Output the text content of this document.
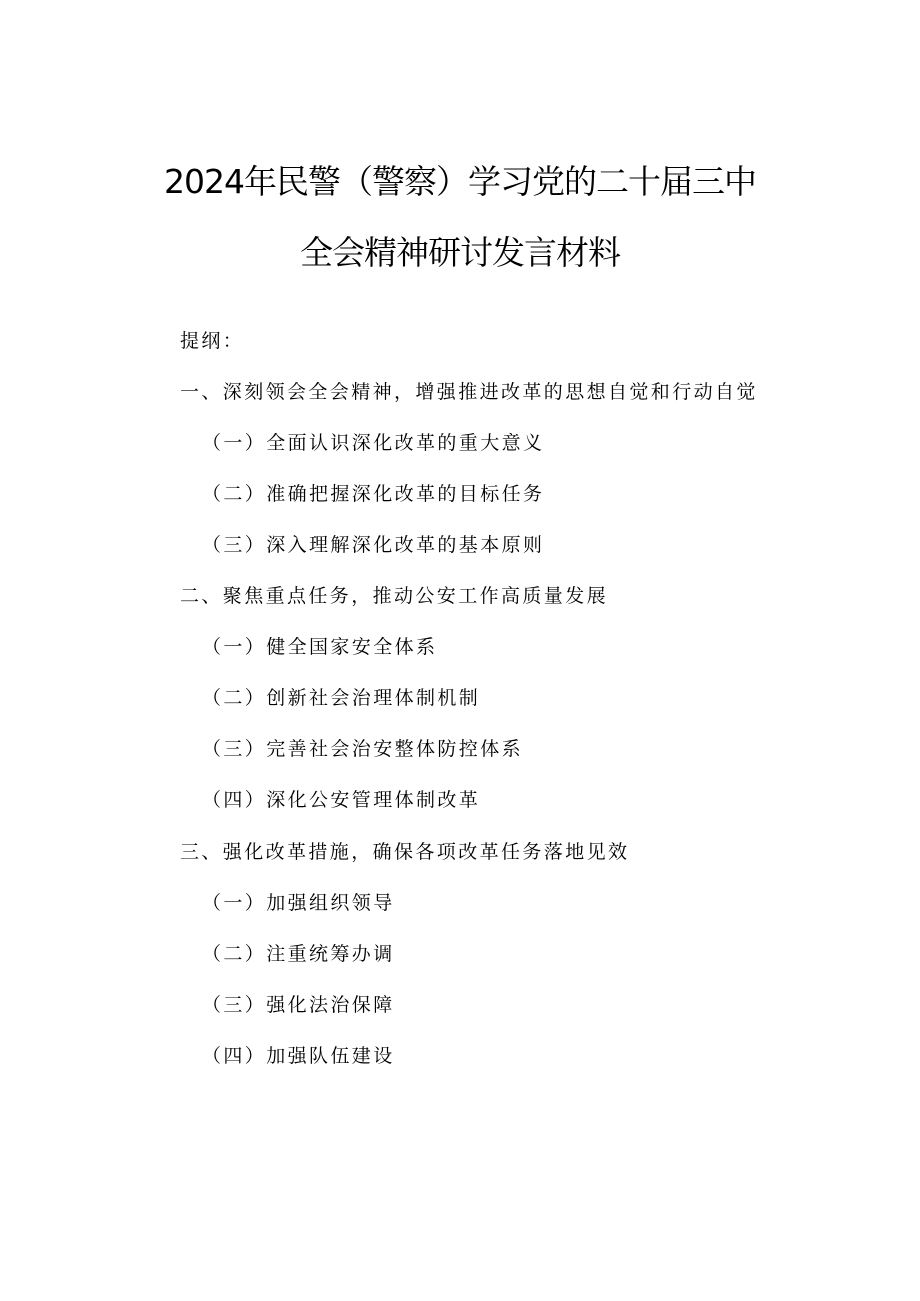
2024年民警（警察）学习党的二十届三中
全会精神研讨发言材料
提纲：
一、深刻领会全会精神，增强推进改革的思想自觉和行动自觉
（一）全面认识深化改革的重大意义
（二）准确把握深化改革的目标任务
（三）深入理解深化改革的基本原则
二、聚焦重点任务，推动公安工作高质量发展
（一）健全国家安全体系
（二）创新社会治理体制机制
（三）完善社会治安整体防控体系
（四）深化公安管理体制改革
三、强化改革措施，确保各项改革任务落地见效
（一）加强组织领导
（二）注重统筹办调
（三）强化法治保障
（四）加强队伍建设
